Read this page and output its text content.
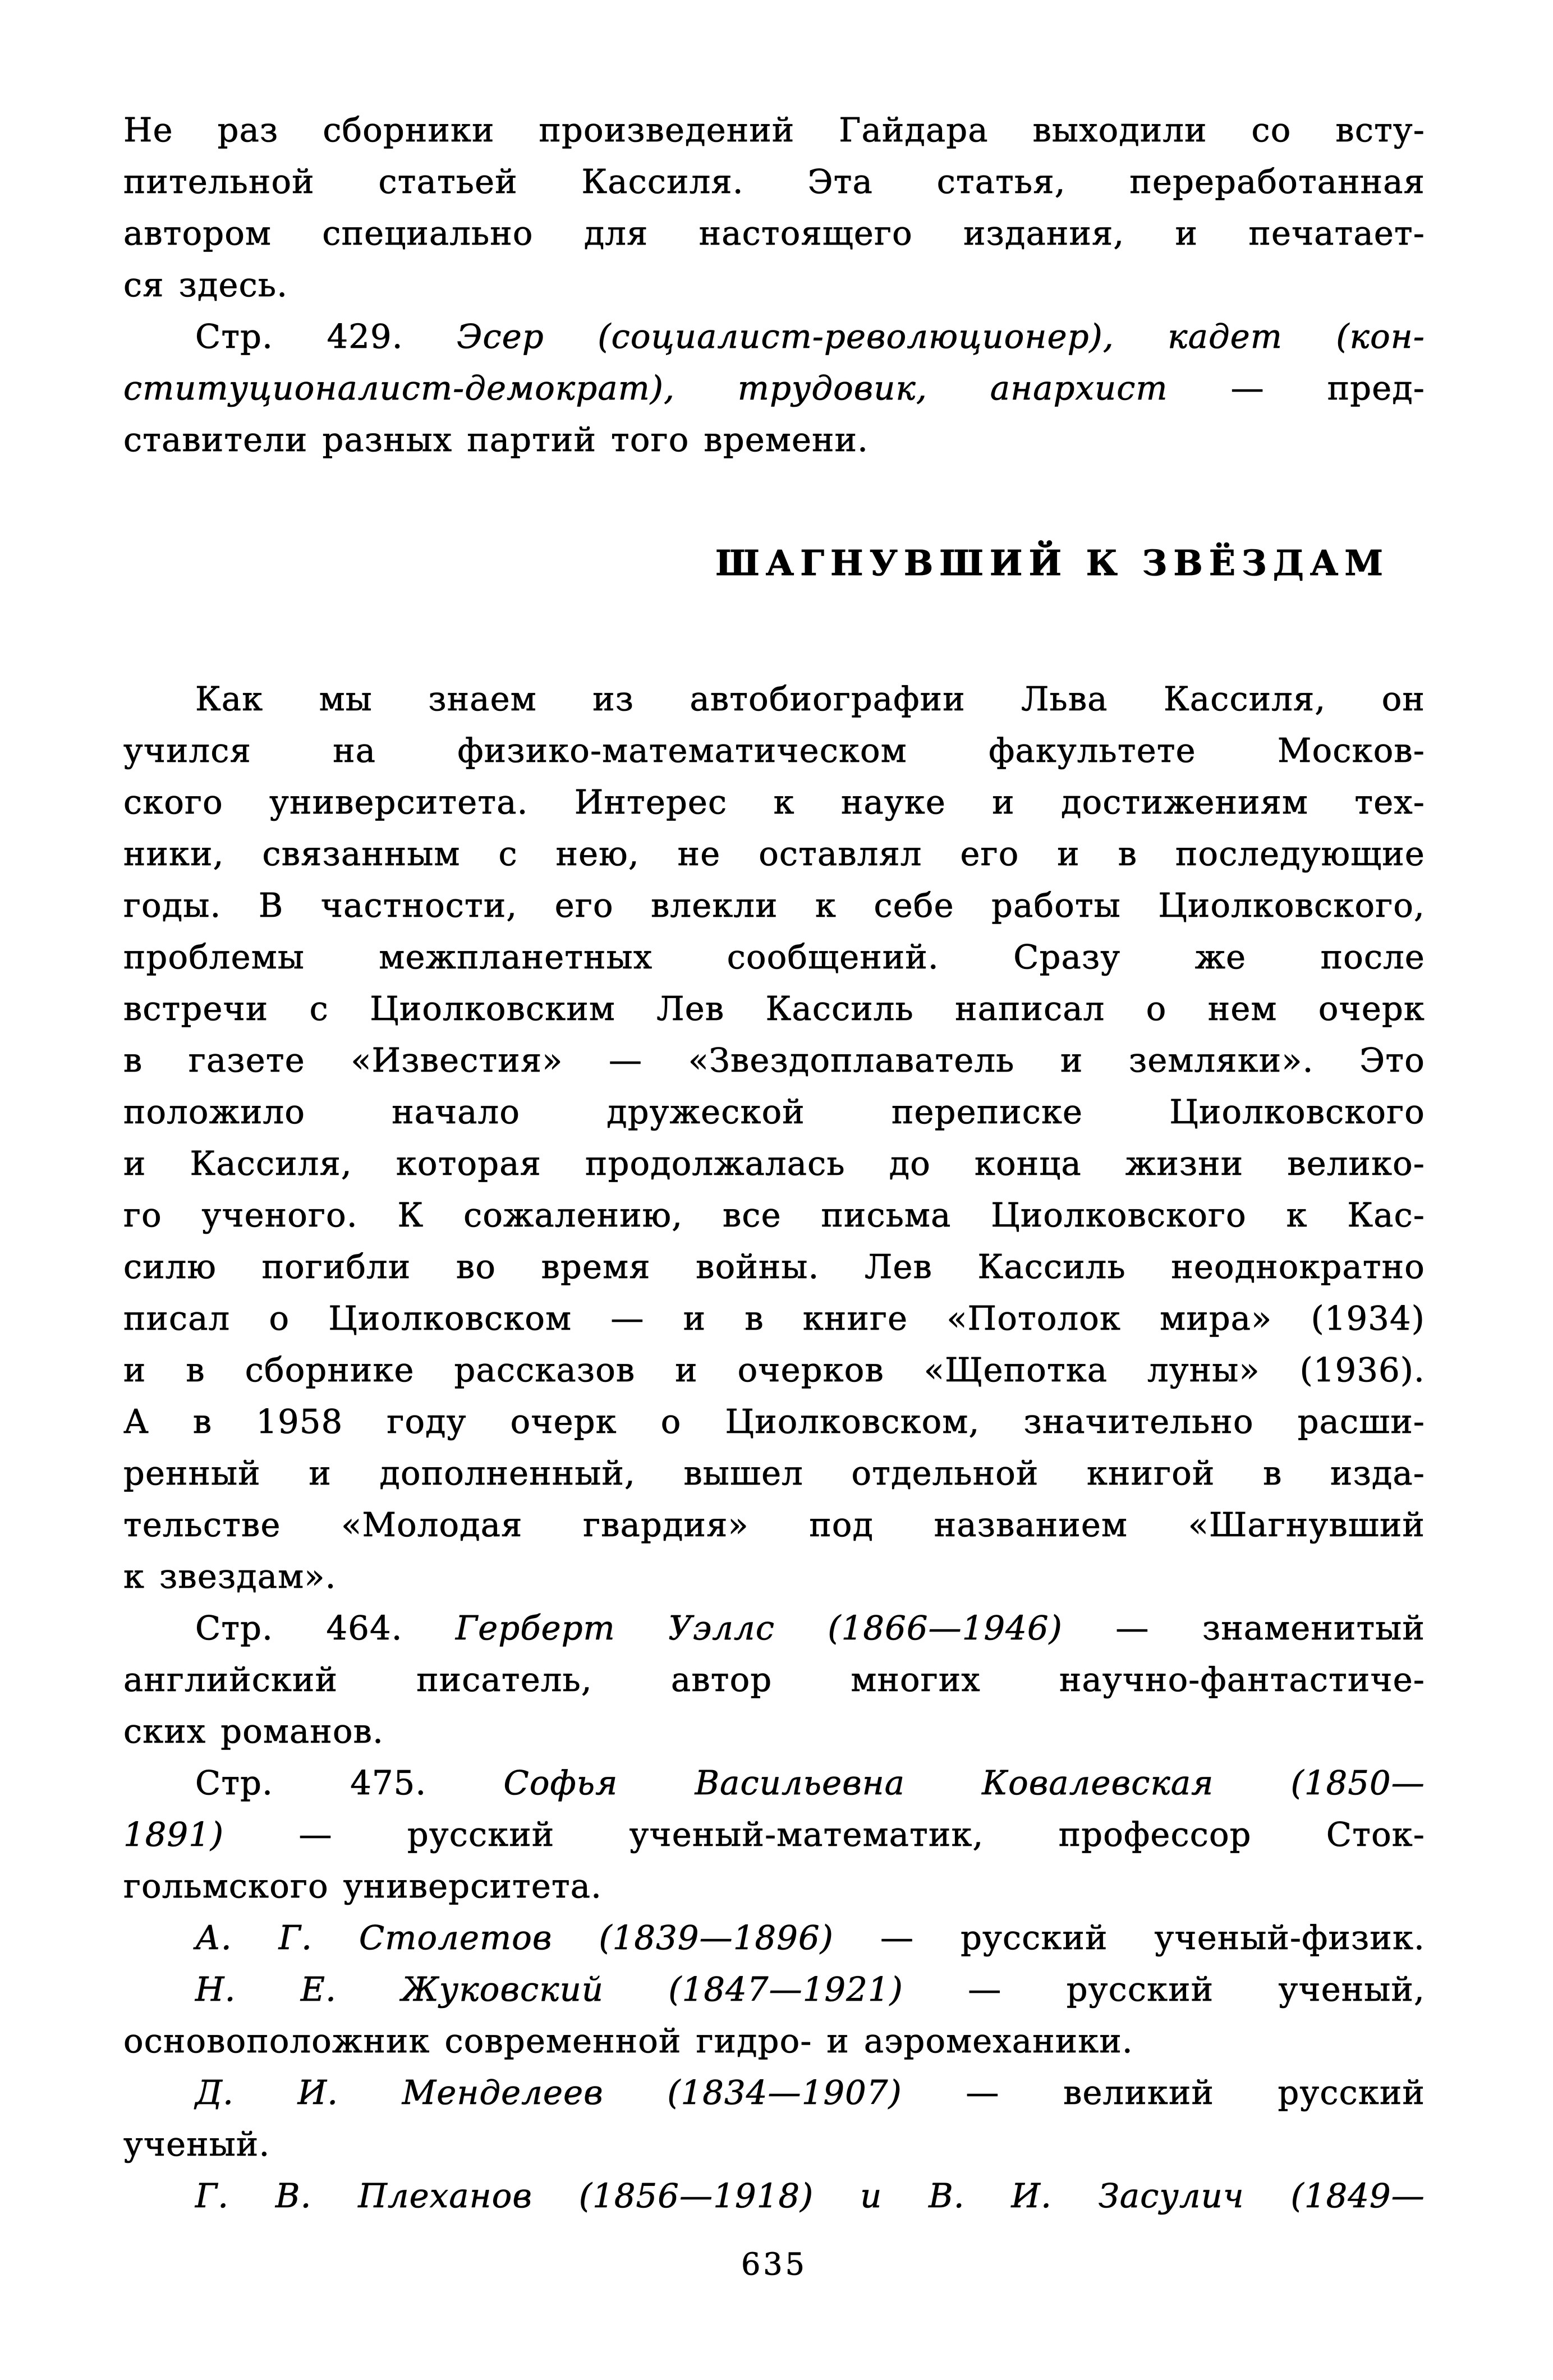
Не раз сборники произведений Гайдара выходили со всту-
пительной статьей Кассиля. Эта статья, переработанная
автором специально для настоящего издания, и печатает-
ся здесь.
Стр. 429. Эсер (социалист-революционер), кадет (кон-
ституционалист-демократ), трудовик, анархист — пред-
ставители разных партий того времени.
ШАГНУВШИЙ К ЗВЁЗДАМ
Как мы знаем из автобиографии Льва Кассиля, он
учился на физико-математическом факультете Москов-
ского университета. Интерес к науке и достижениям тех-
ники, связанным с нею, не оставлял его и в последующие
годы. В частности, его влекли к себе работы Циолковского,
проблемы межпланетных сообщений. Сразу же после
встречи с Циолковским Лев Кассиль написал о нем очерк
в газете «Известия» — «Звездоплаватель и земляки». Это
положило начало дружеской переписке Циолковского
и Кассиля, которая продолжалась до конца жизни велико-
го ученого. К сожалению, все письма Циолковского к Кас-
силю погибли во время войны. Лев Кассиль неоднократно
писал о Циолковском — и в книге «Потолок мира» (1934)
и в сборнике рассказов и очерков «Щепотка луны» (1936).
А в 1958 году очерк о Циолковском, значительно расши-
ренный и дополненный, вышел отдельной книгой в изда-
тельстве «Молодая гвардия» под названием «Шагнувший
к звездам».
Стр. 464. Герберт Уэллс (1866—1946) — знаменитый
английский писатель, автор многих научно-фантастиче-
ских романов.
Стр. 475. Софья Васильевна Ковалевская (1850—
1891) — русский ученый-математик, профессор Сток-
гольмского университета.
А. Г. Столетов (1839—1896) — русский ученый-физик.
Н. Е. Жуковский (1847—1921) — русский ученый,
основоположник современной гидро- и аэромеханики.
Д. И. Менделеев (1834—1907) — великий русский
ученый.
Г. В. Плеханов (1856—1918) и В. И. Засулич (1849—
635
